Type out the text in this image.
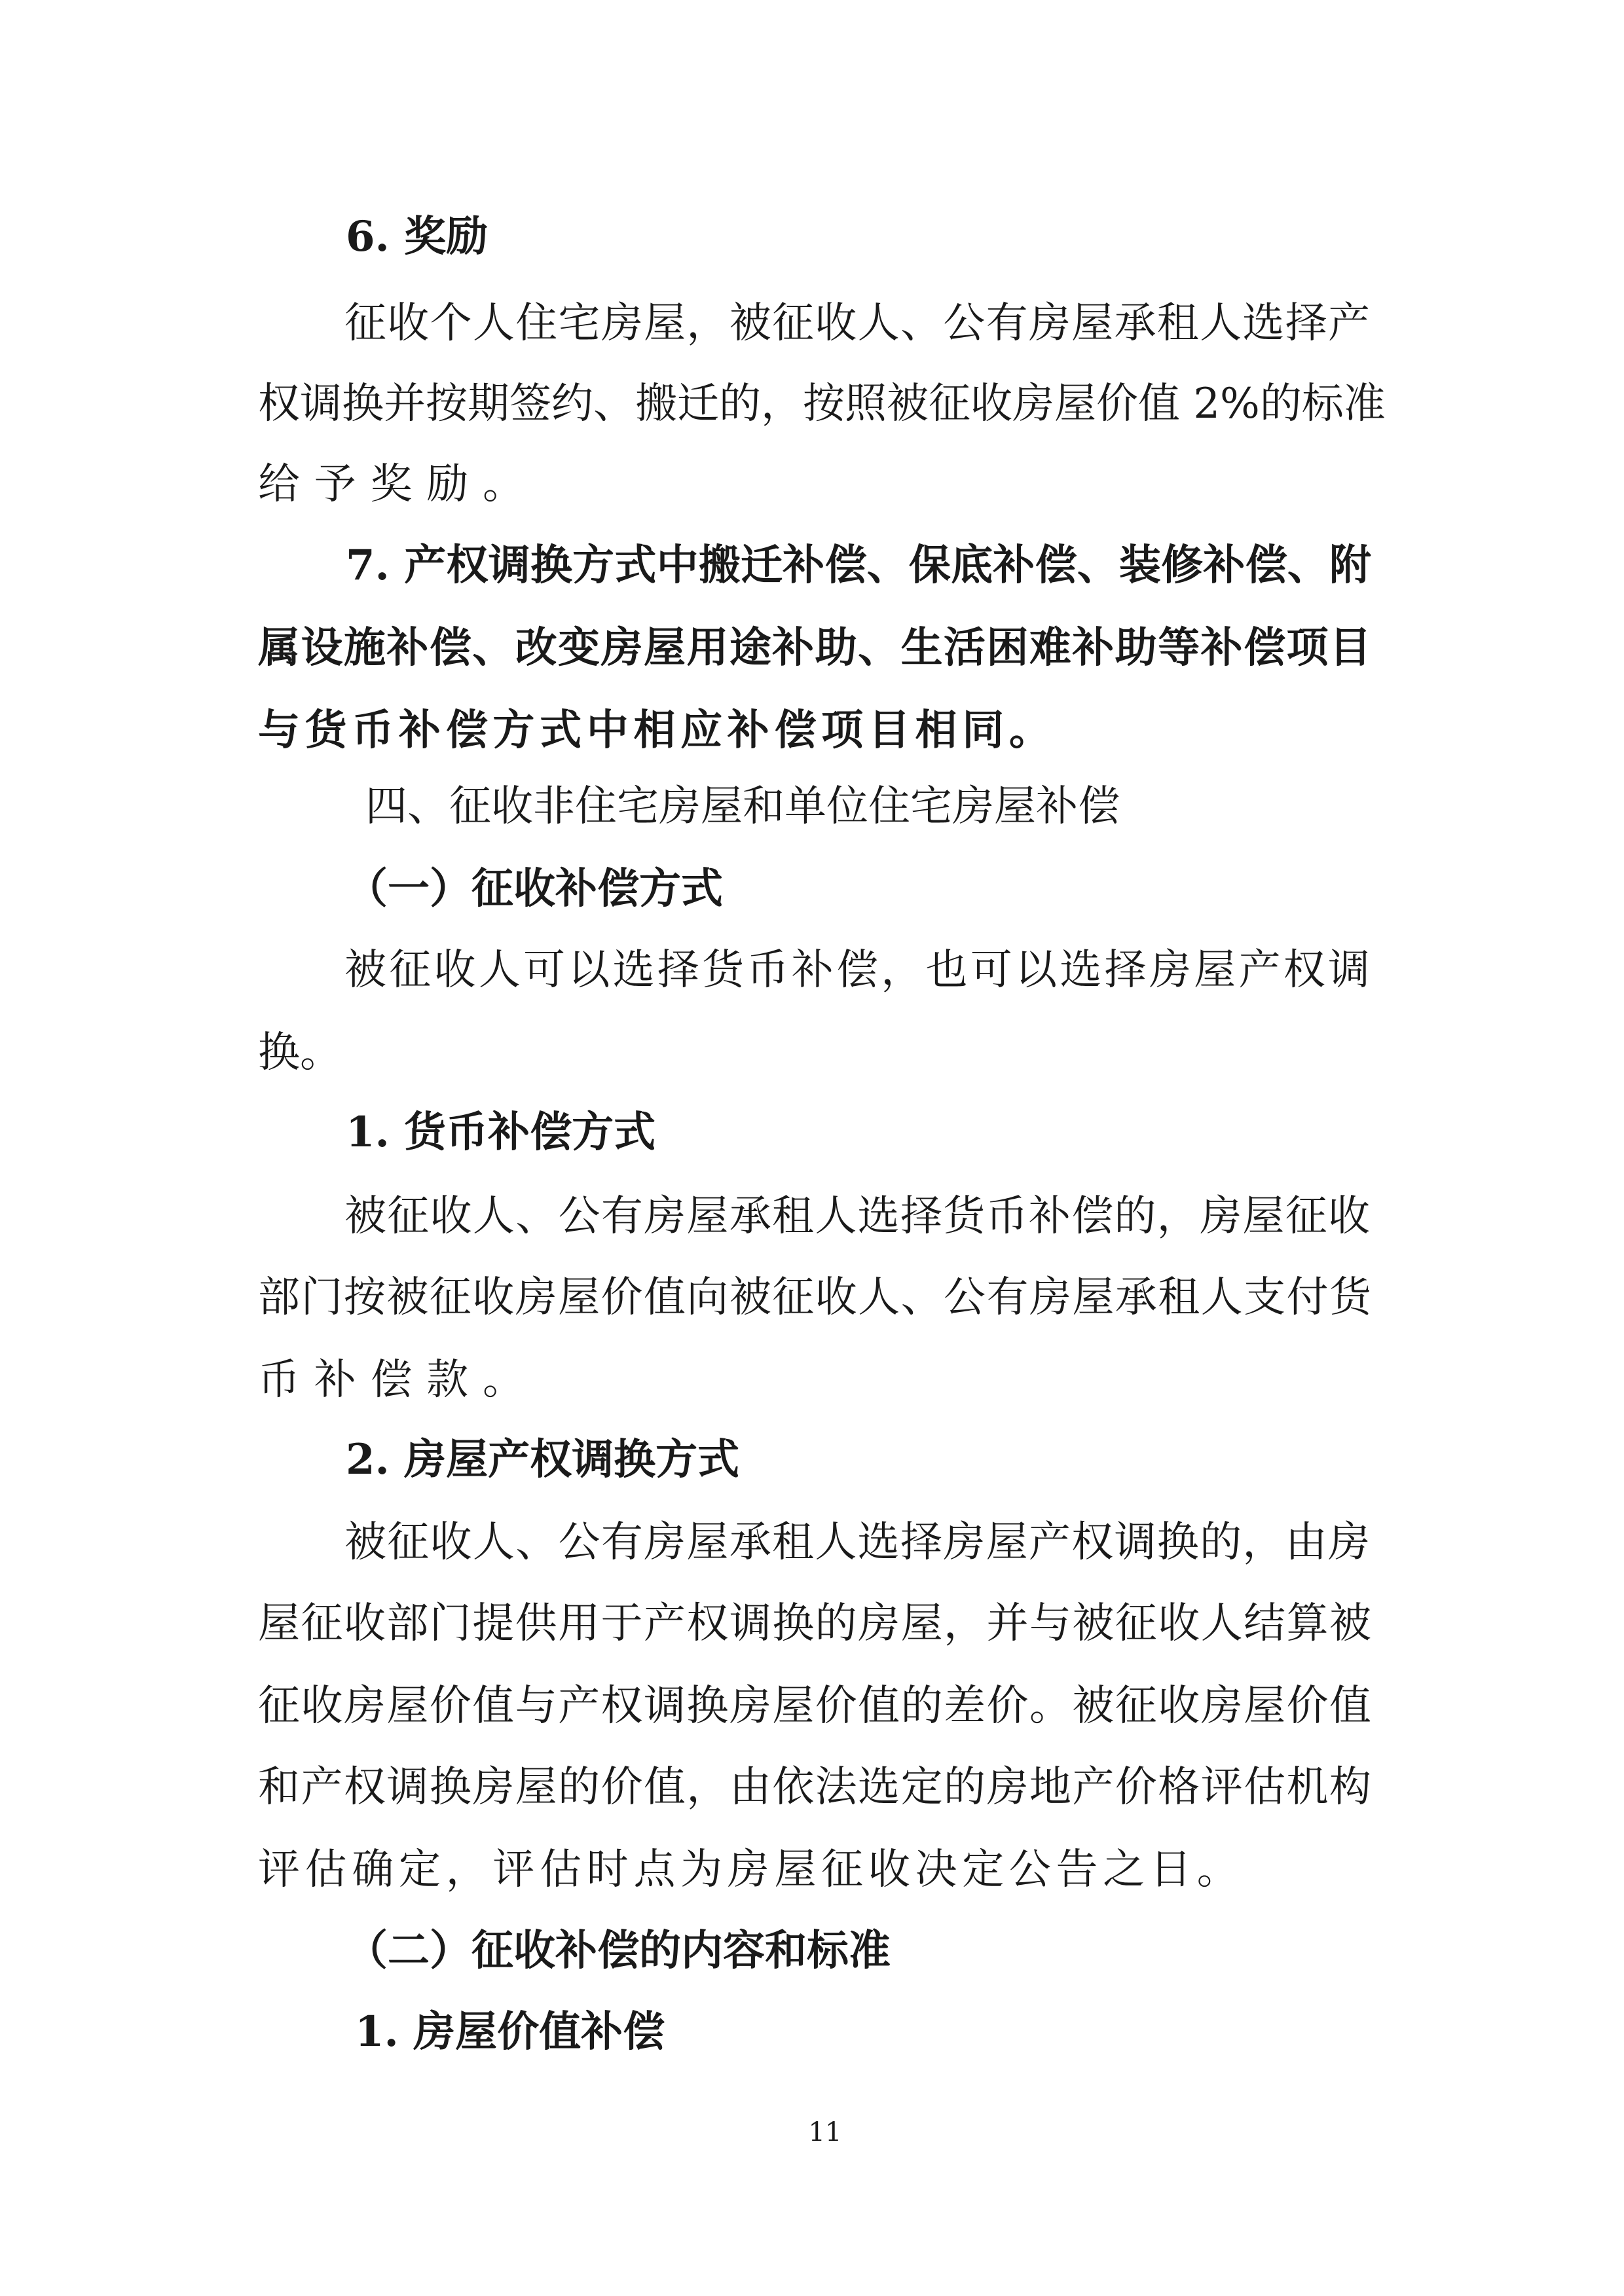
6. 奖励
征收个人住宅房屋，被征收人、公有房屋承租人选择产
权调换并按期签约、搬迁的，按照被征收房屋价值 2%的标准
给予奖励。
7. 产权调换方式中搬迁补偿、保底补偿、装修补偿、附
属设施补偿、改变房屋用途补助、生活困难补助等补偿项目
与货币补偿方式中相应补偿项目相同。
四、征收非住宅房屋和单位住宅房屋补偿
（一）征收补偿方式
被征收人可以选择货币补偿，也可以选择房屋产权调
换。
1. 货币补偿方式
被征收人、公有房屋承租人选择货币补偿的，房屋征收
部门按被征收房屋价值向被征收人、公有房屋承租人支付货
币补偿款。
2. 房屋产权调换方式
被征收人、公有房屋承租人选择房屋产权调换的，由房
屋征收部门提供用于产权调换的房屋，并与被征收人结算被
征收房屋价值与产权调换房屋价值的差价。被征收房屋价值
和产权调换房屋的价值，由依法选定的房地产价格评估机构
评估确定，评估时点为房屋征收决定公告之日。
（二）征收补偿的内容和标准
1. 房屋价值补偿
11
